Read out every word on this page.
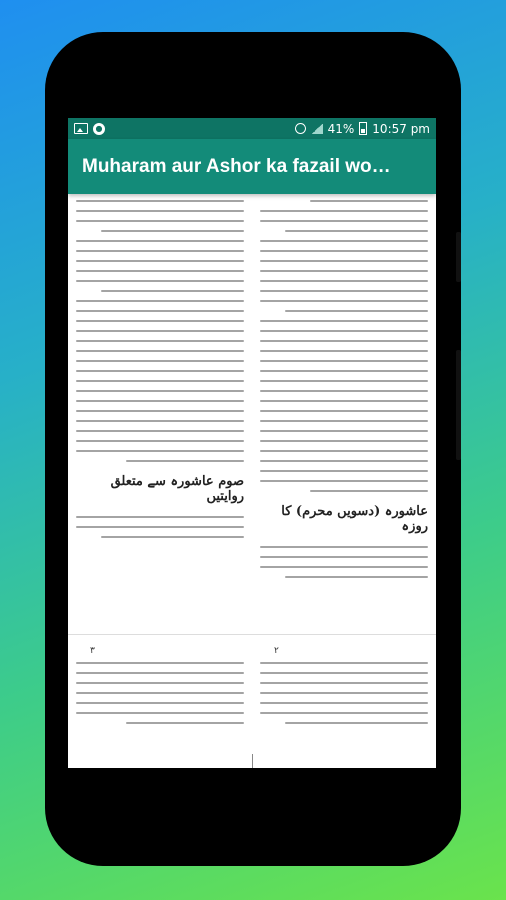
●	41% 10:57 pm
Muharam aur Ashor ka fazail wo…
صوم عاشورہ سے متعلق روایتیں
عاشورہ (دسویں محرم) کا روزہ
۳	۲
